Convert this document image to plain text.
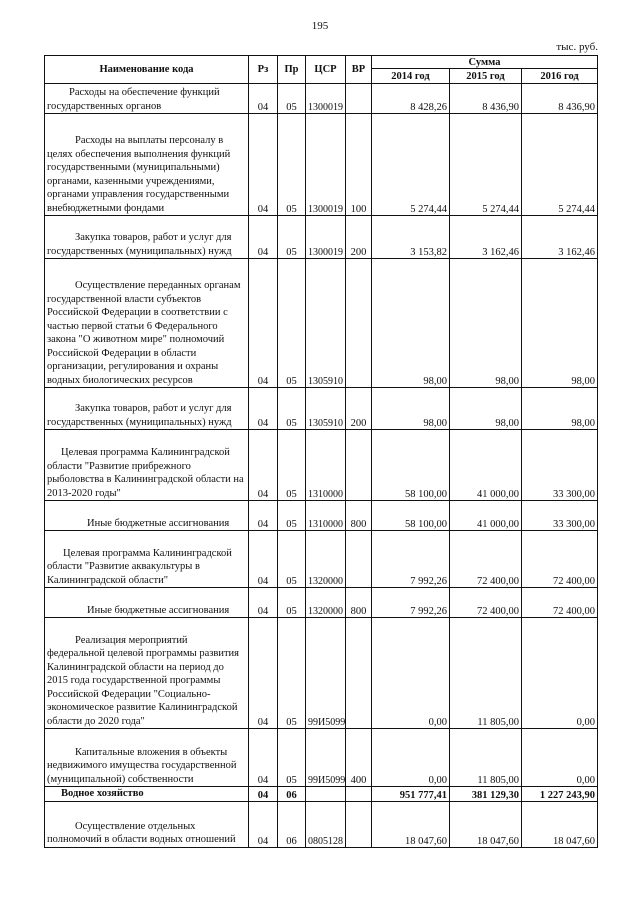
195
тыс. руб.
Наименование кода	Рз	Пр	ЦСР	ВР	Сумма		
					2014 год	2015 год	2016 год
Расходы на обеспечение функций государственных органов	04	05	1300019		8 428,26	8 436,90	8 436,90
Расходы на выплаты персоналу в целях обеспечения выполнения функций государственными (муниципальными) органами, казенными учреждениями, органами управления государственными внебюджетными фондами	04	05	1300019	100	5 274,44	5 274,44	5 274,44
Закупка товаров, работ и услуг для государственных (муниципальных) нужд	04	05	1300019	200	3 153,82	3 162,46	3 162,46
Осуществление переданных органам государственной власти субъектов Российской Федерации в соответствии с частью первой статьи 6 Федерального закона "О животном мире" полномочий Российской Федерации в области организации, регулирования и охраны водных биологических ресурсов	04	05	1305910		98,00	98,00	98,00
Закупка товаров, работ и услуг для государственных (муниципальных) нужд	04	05	1305910	200	98,00	98,00	98,00
Целевая программа Калининградской области "Развитие прибрежного рыболовства в Калининградской области на 2013-2020 годы"	04	05	1310000		58 100,00	41 000,00	33 300,00
Иные бюджетные ассигнования	04	05	1310000	800	58 100,00	41 000,00	33 300,00
Целевая программа Калининградской области "Развитие аквакультуры в Калининградской области"	04	05	1320000		7 992,26	72 400,00	72 400,00
Иные бюджетные ассигнования	04	05	1320000	800	7 992,26	72 400,00	72 400,00
Реализация мероприятий федеральной целевой программы развития Калининградской области на период до 2015 года государственной программы Российской Федерации "Социально-экономическое развитие Калининградской области до 2020 года"	04	05	99И5099		0,00	11 805,00	0,00
Капитальные вложения в объекты недвижимого имущества государственной (муниципальной) собственности	04	05	99И5099	400	0,00	11 805,00	0,00
Водное хозяйство	04	06			951 777,41	381 129,30	1 227 243,90
Осуществление отдельных полномочий в области водных отношений	04	06	0805128		18 047,60	18 047,60	18 047,60
